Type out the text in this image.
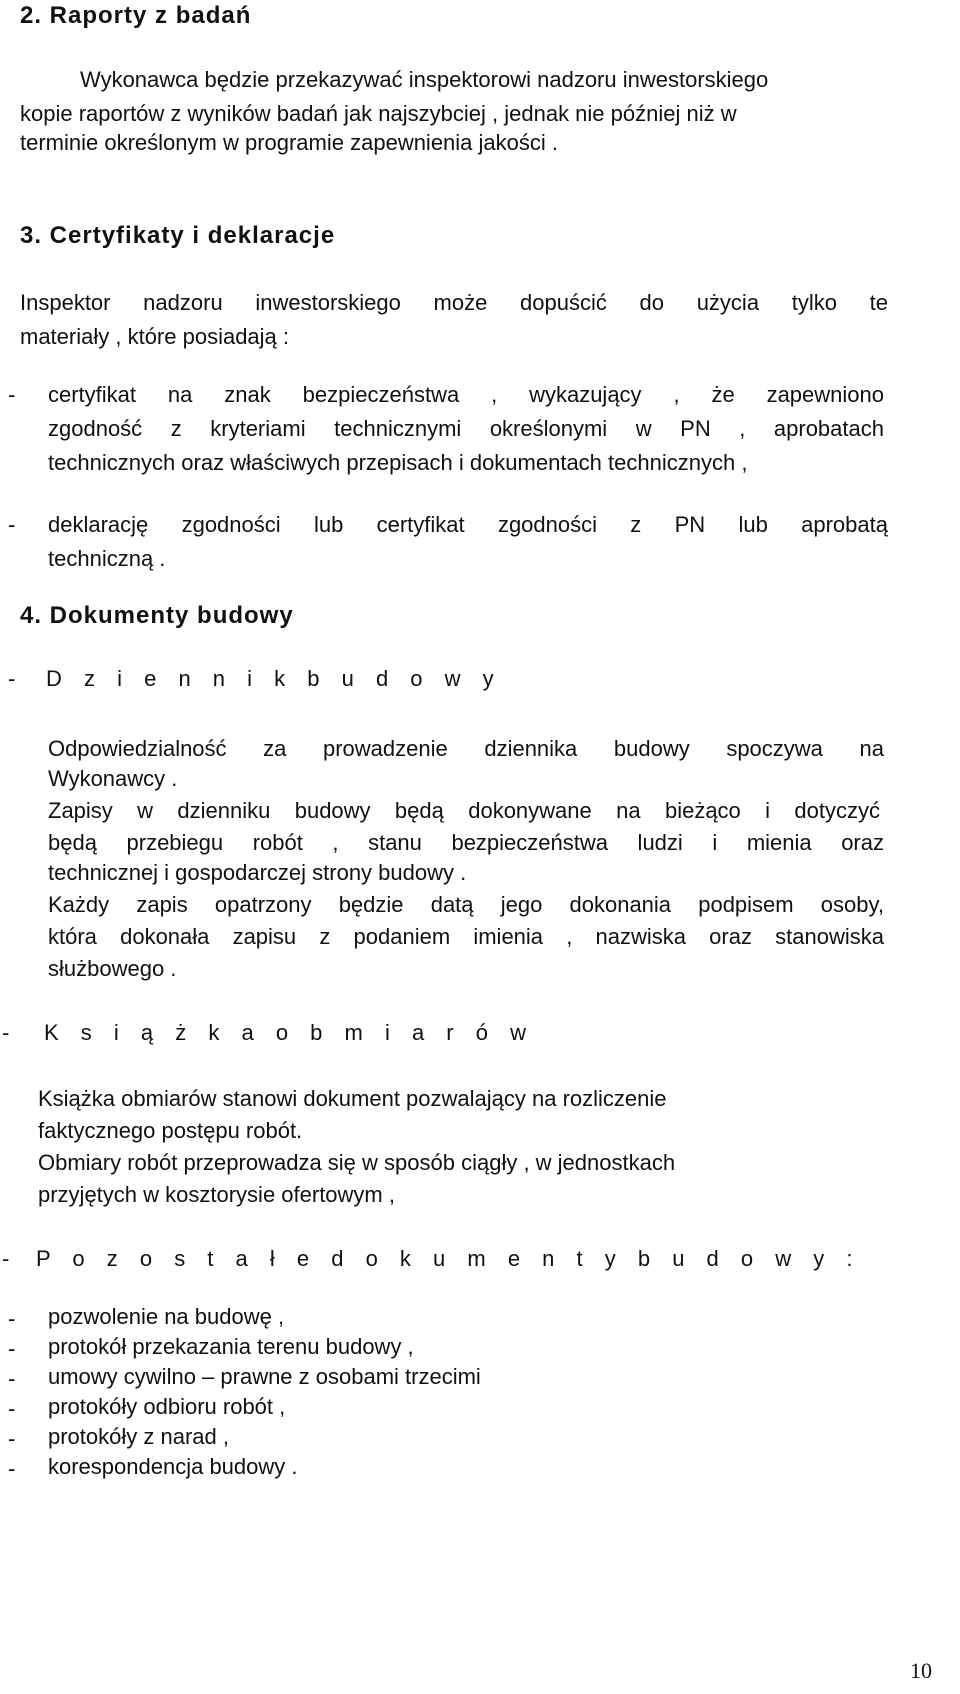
2. Raporty z badań
Wykonawca będzie przekazywać inspektorowi nadzoru inwestorskiego
kopie raportów z wyników badań jak najszybciej , jednak nie później niż w
terminie określonym w programie zapewnienia jakości .
3. Certyfikaty i deklaracje
Inspektor nadzoru inwestorskiego może dopuścić do użycia tylko te
materiały , które posiadają :
- certyfikat na znak bezpieczeństwa , wykazujący , że zapewniono
zgodność z kryteriami technicznymi określonymi w PN , aprobatach
technicznych oraz właściwych przepisach i dokumentach technicznych ,
- deklarację zgodności lub certyfikat zgodności z PN lub aprobatą
techniczną .
4. Dokumenty budowy
- D z i e n n i k b u d o w y
Odpowiedzialność za prowadzenie dziennika budowy spoczywa na
Wykonawcy .
Zapisy w dzienniku budowy będą dokonywane na bieżąco i dotyczyć
będą przebiegu robót , stanu bezpieczeństwa ludzi i mienia oraz
technicznej i gospodarczej strony budowy .
Każdy zapis opatrzony będzie datą jego dokonania podpisem osoby,
która dokonała zapisu z podaniem imienia , nazwiska oraz stanowiska
służbowego .
- K s i ą ż k a o b m i a r ó w
Książka obmiarów stanowi dokument pozwalający na rozliczenie
faktycznego postępu robót.
Obmiary robót przeprowadza się w sposób ciągły , w jednostkach
przyjętych w kosztorysie ofertowym ,
- P o z o s t a ł e d o k u m e n t y b u d o w y :
- pozwolenie na budowę ,
- protokół przekazania terenu budowy ,
- umowy cywilno – prawne z osobami trzecimi
- protokóły odbioru robót ,
- protokóły z narad ,
- korespondencja budowy .
10
